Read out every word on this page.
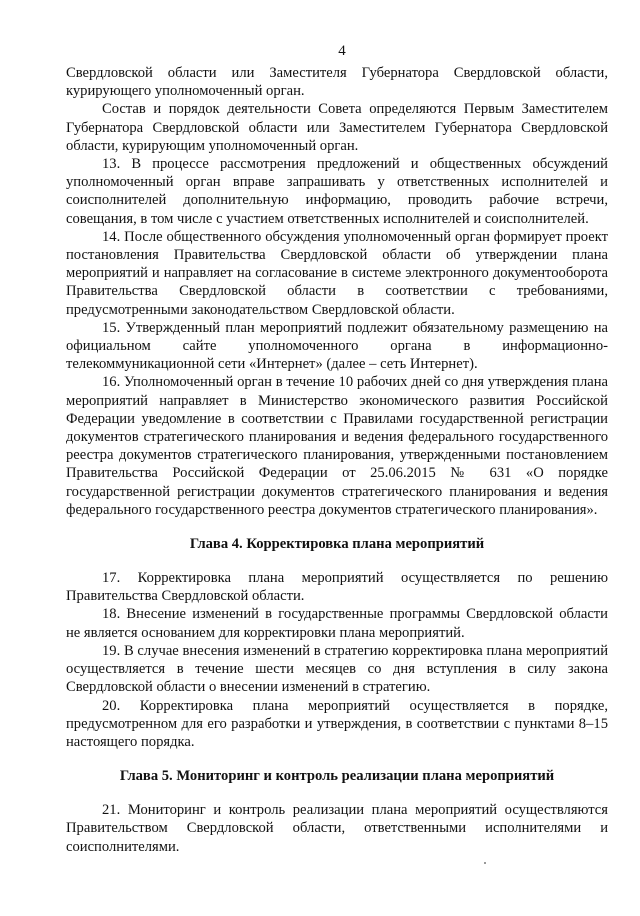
4

Свердловской области или Заместителя Губернатора Свердловской области, курирующего уполномоченный орган.

Состав и порядок деятельности Совета определяются Первым Заместителем Губернатора Свердловской области или Заместителем Губернатора Свердловской области, курирующим уполномоченный орган.

13. В процессе рассмотрения предложений и общественных обсуждений уполномоченный орган вправе запрашивать у ответственных исполнителей и соисполнителей дополнительную информацию, проводить рабочие встречи, совещания, в том числе с участием ответственных исполнителей и соисполнителей.

14. После общественного обсуждения уполномоченный орган формирует проект постановления Правительства Свердловской области об утверждении плана мероприятий и направляет на согласование в системе электронного документооборота Правительства Свердловской области в соответствии с требованиями, предусмотренными законодательством Свердловской области.

15. Утвержденный план мероприятий подлежит обязательному размещению на официальном сайте уполномоченного органа в информационно-телекоммуникационной сети «Интернет» (далее – сеть Интернет).

16. Уполномоченный орган в течение 10 рабочих дней со дня утверждения плана мероприятий направляет в Министерство экономического развития Российской Федерации уведомление в соответствии с Правилами государственной регистрации документов стратегического планирования и ведения федерального государственного реестра документов стратегического планирования, утвержденными постановлением Правительства Российской Федерации от 25.06.2015 № 631 «О порядке государственной регистрации документов стратегического планирования и ведения федерального государственного реестра документов стратегического планирования».

Глава 4. Корректировка плана мероприятий

17. Корректировка плана мероприятий осуществляется по решению Правительства Свердловской области.

18. Внесение изменений в государственные программы Свердловской области не является основанием для корректировки плана мероприятий.

19. В случае внесения изменений в стратегию корректировка плана мероприятий осуществляется в течение шести месяцев со дня вступления в силу закона Свердловской области о внесении изменений в стратегию.

20. Корректировка плана мероприятий осуществляется в порядке, предусмотренном для его разработки и утверждения, в соответствии с пунктами 8–15 настоящего порядка.

Глава 5. Мониторинг и контроль реализации плана мероприятий

21. Мониторинг и контроль реализации плана мероприятий осуществляются Правительством Свердловской области, ответственными исполнителями и соисполнителями.
